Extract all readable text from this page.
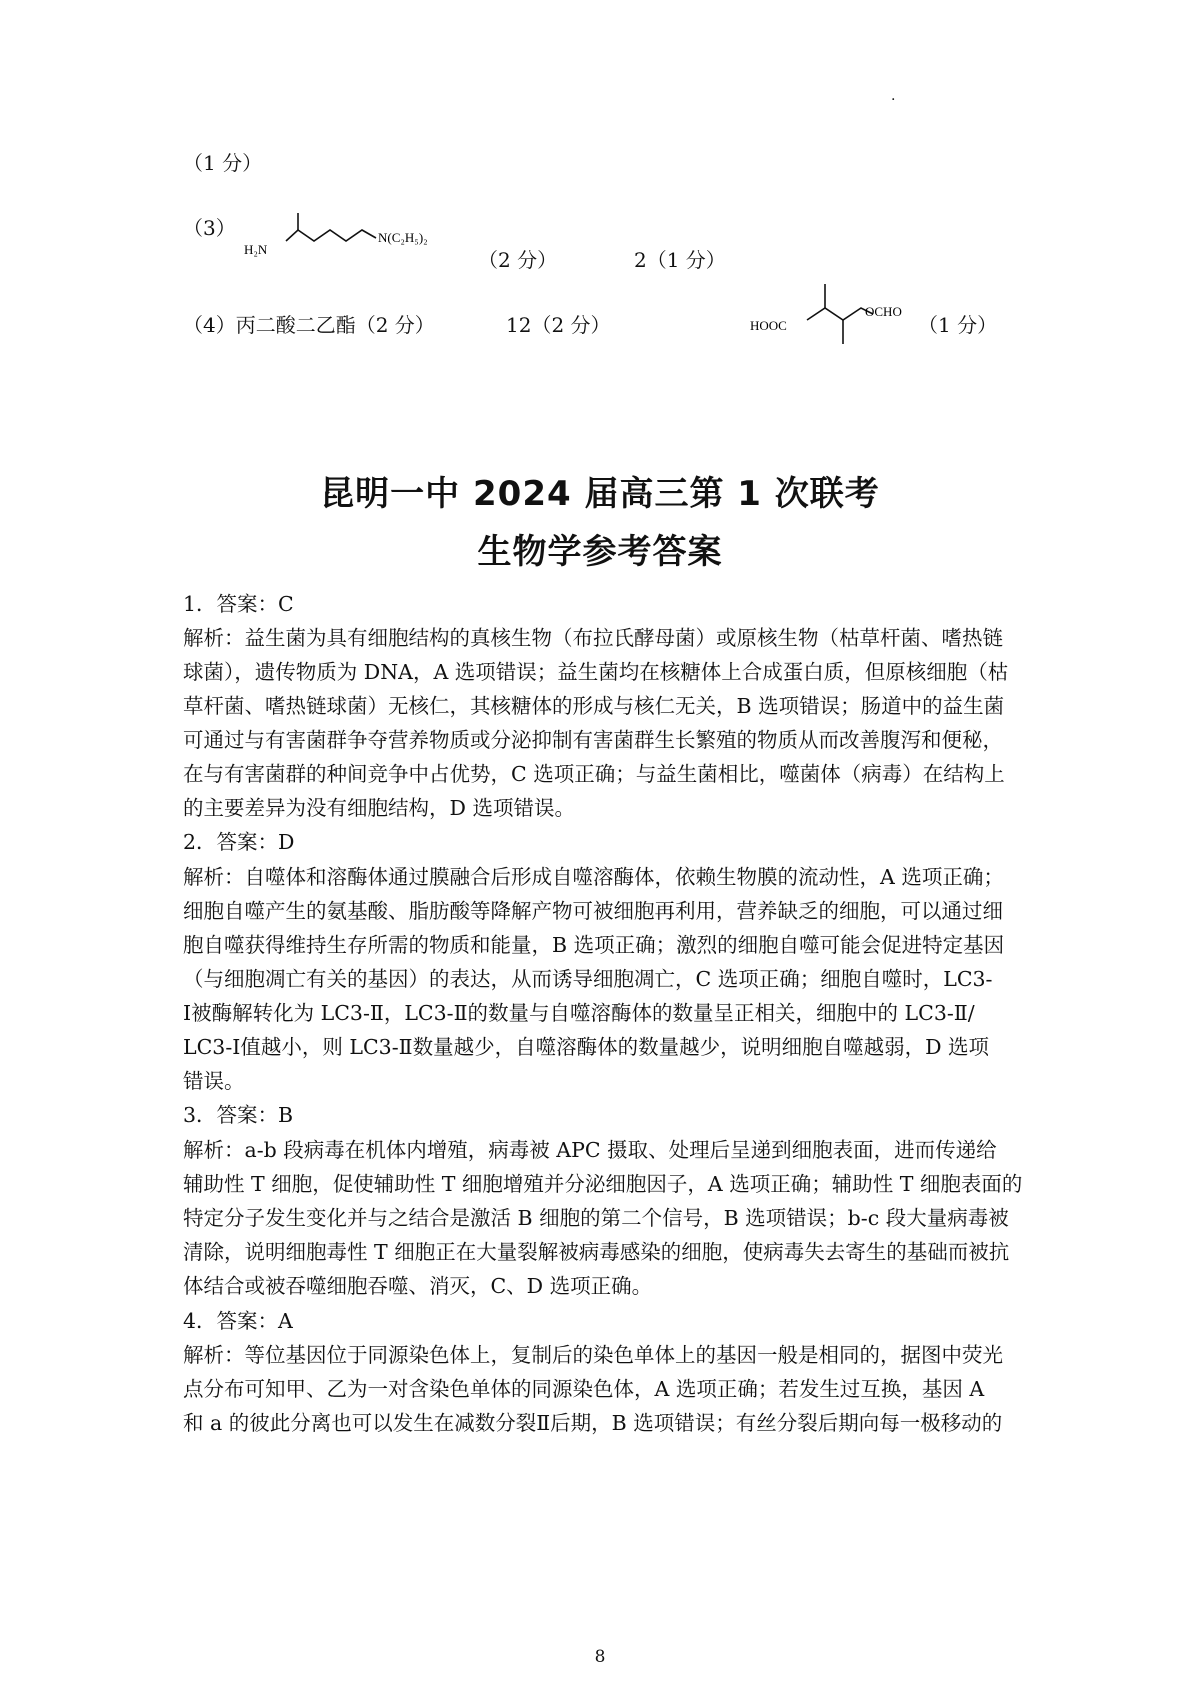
.
（1 分）
（3）
H₂N
N(C₂H₅)₂
（2 分）	2（1 分）
（4）丙二酸二乙酯（2 分）	12（2 分）	HOOC
OCHO
（1 分）
昆明一中 2024 届高三第 1 次联考
生物学参考答案
1．答案：C
解析：益生菌为具有细胞结构的真核生物（布拉氏酵母菌）或原核生物（枯草杆菌、嗜热链
球菌），遗传物质为 DNA，A 选项错误；益生菌均在核糖体上合成蛋白质，但原核细胞（枯
草杆菌、嗜热链球菌）无核仁，其核糖体的形成与核仁无关，B 选项错误；肠道中的益生菌
可通过与有害菌群争夺营养物质或分泌抑制有害菌群生长繁殖的物质从而改善腹泻和便秘，
在与有害菌群的种间竞争中占优势，C 选项正确；与益生菌相比，噬菌体（病毒）在结构上
的主要差异为没有细胞结构，D 选项错误。
2．答案：D
解析：自噬体和溶酶体通过膜融合后形成自噬溶酶体，依赖生物膜的流动性，A 选项正确；
细胞自噬产生的氨基酸、脂肪酸等降解产物可被细胞再利用，营养缺乏的细胞，可以通过细
胞自噬获得维持生存所需的物质和能量，B 选项正确；激烈的细胞自噬可能会促进特定基因
（与细胞凋亡有关的基因）的表达，从而诱导细胞凋亡，C 选项正确；细胞自噬时，LC3-
Ⅰ被酶解转化为 LC3-Ⅱ，LC3-Ⅱ的数量与自噬溶酶体的数量呈正相关，细胞中的 LC3-Ⅱ/
LC3-Ⅰ值越小，则 LC3-Ⅱ数量越少，自噬溶酶体的数量越少，说明细胞自噬越弱，D 选项
错误。
3．答案：B
解析：a-b 段病毒在机体内增殖，病毒被 APC 摄取、处理后呈递到细胞表面，进而传递给
辅助性 T 细胞，促使辅助性 T 细胞增殖并分泌细胞因子，A 选项正确；辅助性 T 细胞表面的
特定分子发生变化并与之结合是激活 B 细胞的第二个信号，B 选项错误；b-c 段大量病毒被
清除，说明细胞毒性 T 细胞正在大量裂解被病毒感染的细胞，使病毒失去寄生的基础而被抗
体结合或被吞噬细胞吞噬、消灭，C、D 选项正确。
4．答案：A
解析：等位基因位于同源染色体上，复制后的染色单体上的基因一般是相同的，据图中荧光
点分布可知甲、乙为一对含染色单体的同源染色体，A 选项正确；若发生过互换，基因 A
和 a 的彼此分离也可以发生在减数分裂Ⅱ后期，B 选项错误；有丝分裂后期向每一极移动的
8
